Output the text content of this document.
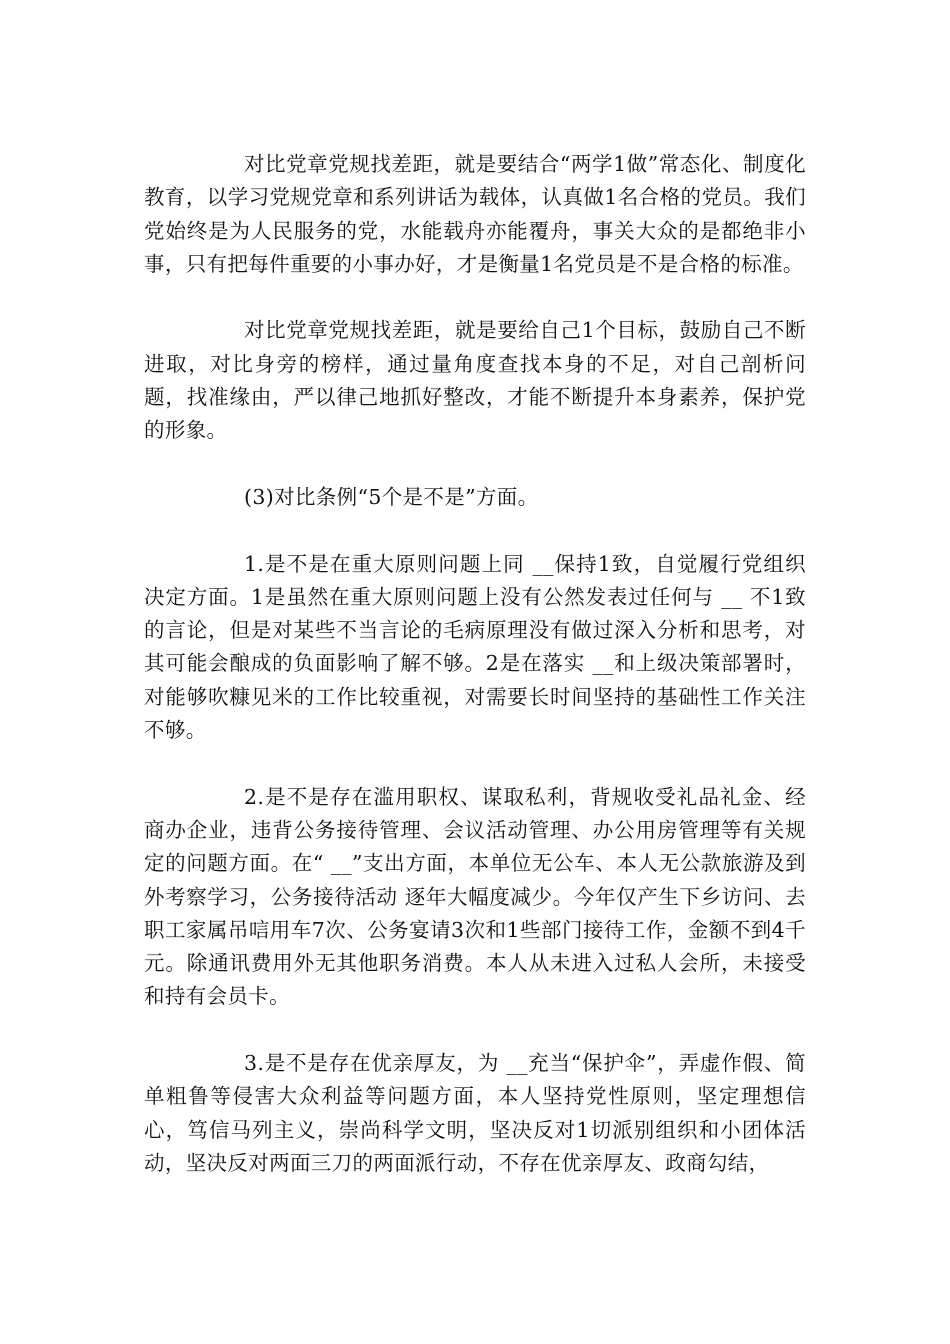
对比党章党规找差距，就是要结合“两学1做”常态化、制度化教育，以学习党规党章和系列讲话为载体，认真做1名合格的党员。我们党始终是为人民服务的党，水能载舟亦能覆舟，事关大众的是都绝非小事，只有把每件重要的小事办好，才是衡量1名党员是不是合格的标准。

对比党章党规找差距，就是要给自己1个目标，鼓励自己不断进取，对比身旁的榜样，通过量角度查找本身的不足，对自己剖析问题，找准缘由，严以律己地抓好整改，才能不断提升本身素养，保护党的形象。

(3)对比条例“5个是不是”方面。

1.是不是在重大原则问题上同 __保持1致，自觉履行党组织决定方面。1是虽然在重大原则问题上没有公然发表过任何与 __ 不1致的言论，但是对某些不当言论的毛病原理没有做过深入分析和思考，对其可能会酿成的负面影响了解不够。2是在落实 __和上级决策部署时，对能够吹糠见米的工作比较重视，对需要长时间坚持的基础性工作关注不够。

2.是不是存在滥用职权、谋取私利，背规收受礼品礼金、经商办企业，违背公务接待管理、会议活动管理、办公用房管理等有关规定的问题方面。在“ __”支出方面，本单位无公车、本人无公款旅游及到外考察学习，公务接待活动 逐年大幅度减少。今年仅产生下乡访问、去职工家属吊唁用车7次、公务宴请3次和1些部门接待工作，金额不到4千元。除通讯费用外无其他职务消费。本人从未进入过私人会所，未接受和持有会员卡。

3.是不是存在优亲厚友，为 __充当“保护伞”，弄虚作假、简单粗鲁等侵害大众利益等问题方面，本人坚持党性原则，坚定理想信心，笃信马列主义，崇尚科学文明，坚决反对1切派别组织和小团体活动，坚决反对两面三刀的两面派行动，不存在优亲厚友、政商勾结，
